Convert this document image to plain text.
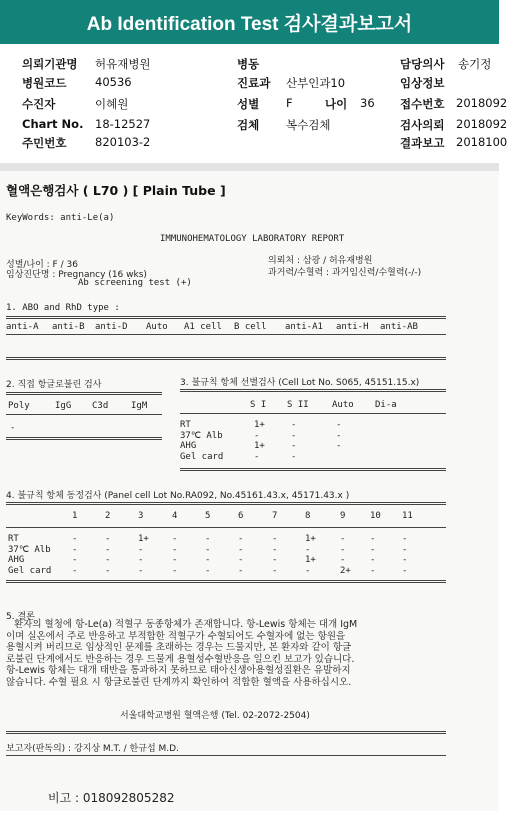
Ab Identification Test 검사결과보고서
의뢰기관명 허유재병원
병원코드 40536
수진자	이혜원
Chart No. 18-12527
주민번호 820103-2
병동
진료과 산부인과10
성별 F	나이 36
검체 복수검체
담당의사 송기정
임상정보
접수번호 2018092
검사의뢰 2018092
결과보고 2018100
혈액은행검사 ( L70 ) [ Plain Tube ]
KeyWords: anti-Le(a)
IMMUNOHEMATOLOGY LABORATORY REPORT
성별/나이 : F / 36
임상진단명 : Pregnancy (16 wks)
Ab screening test (+)
의뢰처 : 삼광 / 허유재병원
과거력/수혈력 : 과거임신력/수혈력(-/-)
1. ABO and RhD type :
anti-A anti-B anti-D Auto A1 cell B cell anti-A1 anti-H anti-AB
2. 직접 항글로불린 검사
Poly	IgG C3d	IgM
-
3. 불규칙 항체 선별검사 (Cell Lot No. S065, 45151.15.x)
S I S II	Auto Di-a
RT	1+	-	-
37℃ Alb	-	-	-
AHG	1+	-	-
Gel card	-	-
4. 불규칙 항체 동정검사 (Panel cell Lot No.RA092, No.45161.43.x, 45171.43.x )
1	2	3	4	5	6	7	8	9	10 11
RT	-	-	1+	-	-	-	-	1+	-	-	-
37℃ Alb -	-	-	-	-	-	-	-	-	-	-
AHG	-	-	-	-	-	-	-	1+	-	-	-
Gel card -	-	-	-	-	-	-	-	2+ -	-
5. 결론
환자의 혈청에 항-Le(a) 적혈구 동종항체가 존재합니다. 항-Lewis 항체는 대개 IgM
이며 실온에서 주로 반응하고 부적합한 적혈구가 수혈되어도 수혈자에 없는 항원을
용혈시켜 버리므로 임상적인 문제를 초래하는 경우는 드물지만, 본 환자와 같이 항글
로불린 단계에서도 반응하는 경우 드물게 용혈성수혈반응을 일으킨 보고가 있습니다.
항-Lewis 항체는 대개 태반을 통과하지 못하므로 태아신생아용혈성질환은 유발하지
않습니다. 수혈 필요 시 항글로불린 단계까지 확인하여 적합한 혈액을 사용하십시오.
서울대학교병원 혈액은행 (Tel. 02-2072-2504)
보고자(판독의) : 강지상 M.T. / 한규섭 M.D.
비고 : 018092805282
